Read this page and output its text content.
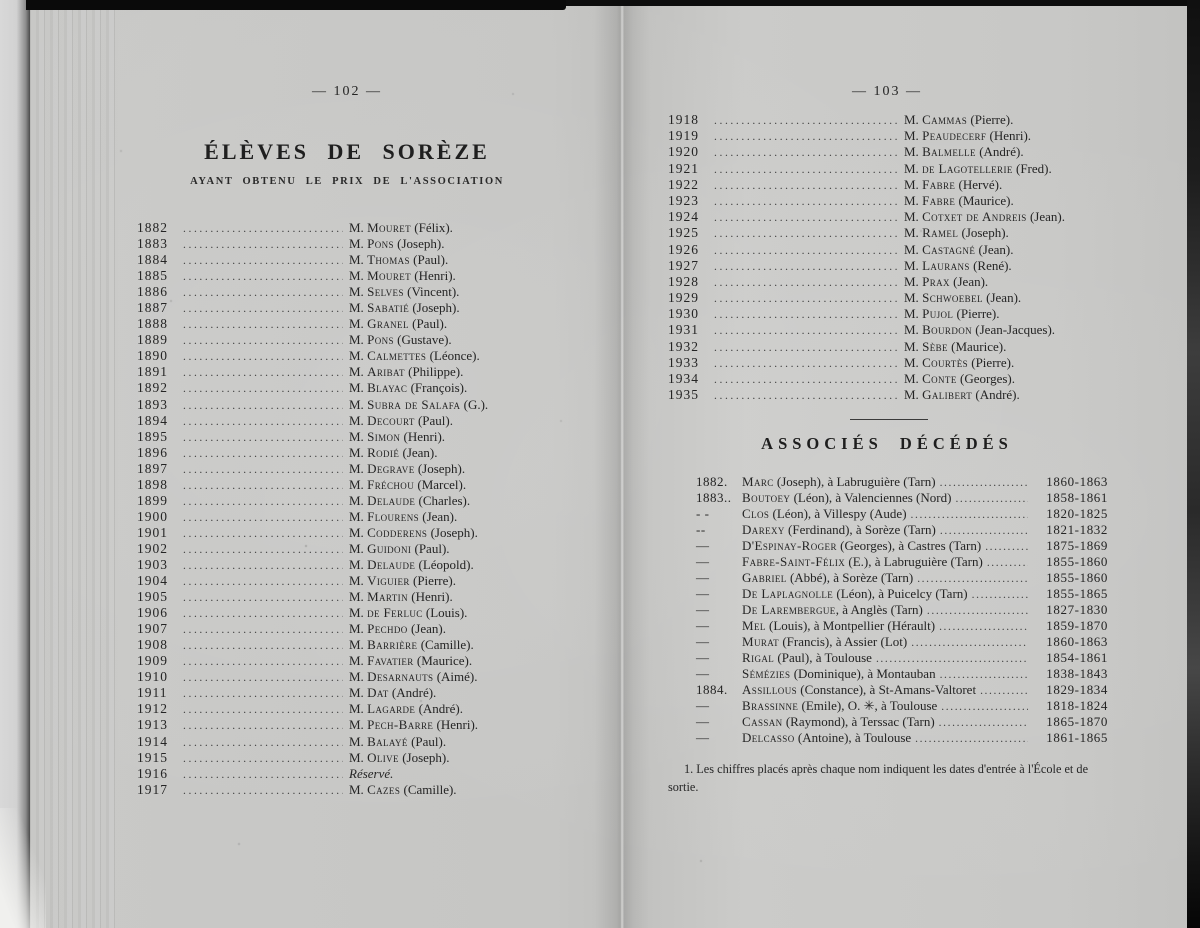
— 102 —
ÉLÈVES DE SORÈZE
AYANT OBTENU LE PRIX DE L'ASSOCIATION
1882 .....	M. Mouret (Félix).
1883 .....	M. Pons (Joseph).
1884 .....	M. Thomas (Paul).
1885 .....	M. Mouret (Henri).
1886 .....	M. Selves (Vincent).
1887 .....	M. Sabatié (Joseph).
1888 .....	M. Granel (Paul).
1889 .....	M. Pons (Gustave).
1890 .....	M. Calmettes (Léonce).
1891 .....	M. Aribat (Philippe).
1892 .....	M. Blayac (François).
1893 .....	M. Subra de Salafa (G.).
1894 .....	M. Decourt (Paul).
1895 .....	M. Simon (Henri).
1896 .....	M. Rodié (Jean).
1897 .....	M. Degrave (Joseph).
1898 .....	M. Fréchou (Marcel).
1899 .....	M. Delaude (Charles).
1900 .....	M. Flourens (Jean).
1901 .....	M. Codderens (Joseph).
1902 .....	M. Guidoni (Paul).
1903 .....	M. Delaude (Léopold).
1904 .....	M. Viguier (Pierre).
1905 .....	M. Martin (Henri).
1906 .....	M. de Ferluc (Louis).
1907 .....	M. Pechdo (Jean).
1908 .....	M. Barrière (Camille).
1909 .....	M. Favatier (Maurice).
1910 .....	M. Desarnauts (Aimé).
1911 .....	M. Dat (André).
1912 .....	M. Lagarde (André).
1913 .....	M. Pech-Barre (Henri).
1914 .....	M. Balayé (Paul).
1915 .....	M. Olive (Joseph).
1916 .....	Réservé.
1917 .....	M. Cazes (Camille).
— 103 —
1918 .....	M. Cammas (Pierre).
1919 .....	M. Peaudecerf (Henri).
1920 .....	M. Balmelle (André).
1921 .....	M. de Lagotellerie (Fred).
1922 .....	M. Fabre (Hervé).
1923 .....	M. Fabre (Maurice).
1924 .....	M. Cotxet de Andreis (Jean).
1925 .....	M. Ramel (Joseph).
1926 .....	M. Castagné (Jean).
1927 .....	M. Laurans (René).
1928 .....	M. Prax (Jean).
1929 .....	M. Schwoebel (Jean).
1930 .....	M. Pujol (Pierre).
1931 .....	M. Bourdon (Jean-Jacques).
1932 .....	M. Sèbe (Maurice).
1933 .....	M. Courtès (Pierre).
1934 .....	M. Conte (Georges).
1935 .....	M. Galibert (André).
ASSOCIÉS DÉCÉDÉS
1882.	Marc (Joseph), à Labruguière (Tarn) .....	1860-1863
1883.. Boutoey (Léon), à Valenciennes (Nord) .....	1858-1861
- -	Clos (Léon), à Villespy (Aude) .....	1820-1825
--	Darexy (Ferdinand), à Sorèze (Tarn) .....	1821-1832
—	D'Espinay-Roger (Georges), à Castres (Tarn) .....	1875-1869
—	Fabre-Saint-Félix (E.), à Labruguière (Tarn) .....	1855-1860
—	Gabriel (Abbé), à Sorèze (Tarn) .....	1855-1860
—	De Laplagnolle (Léon), à Puicelcy (Tarn) .....	1855-1865
—	De Larembergue, à Anglès (Tarn) .....	1827-1830
—	Mel (Louis), à Montpellier (Hérault) .....	1859-1870
—	Murat (Francis), à Assier (Lot) .....	1860-1863
—	Rigal (Paul), à Toulouse .....	1854-1861
—	Sémézies (Dominique), à Montauban .....	1838-1843
1884.	Assillous (Constance), à St-Amans-Valtoret .....	1829-1834
—	Brassinne (Emile), O. ✳, à Toulouse .....	1818-1824
—	Cassan (Raymond), à Terssac (Tarn) .....	1865-1870
—	Delcasso (Antoine), à Toulouse .....	1861-1865

1. Les chiffres placés après chaque nom indiquent les dates d'entrée à l'École et de sortie.
